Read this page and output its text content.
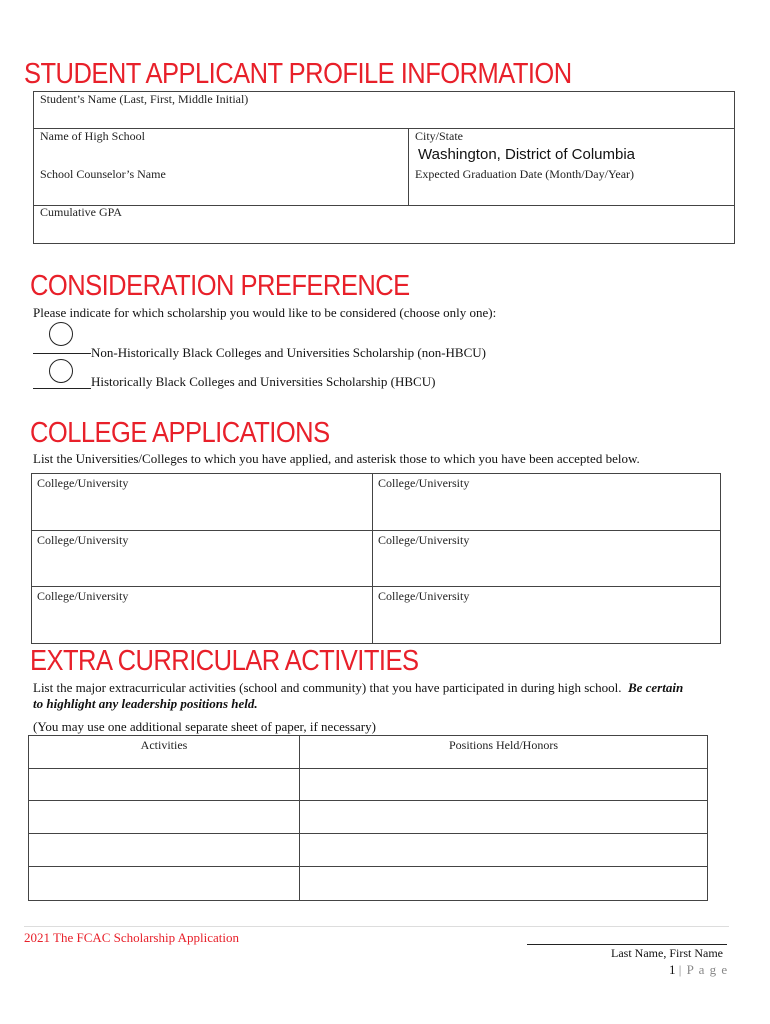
STUDENT APPLICANT PROFILE INFORMATION
Student’s Name (Last, First, Middle Initial)
Name of High School	City/State
Washington, District of Columbia
School Counselor’s Name	Expected Graduation Date (Month/Day/Year)
Cumulative GPA
CONSIDERATION PREFERENCE
Please indicate for which scholarship you would like to be considered (choose only one):
Non-Historically Black Colleges and Universities Scholarship (non-HBCU)
Historically Black Colleges and Universities Scholarship (HBCU)
COLLEGE APPLICATIONS
List the Universities/Colleges to which you have applied, and asterisk those to which you have been accepted below.
College/University	College/University
College/University	College/University
College/University	College/University
EXTRA CURRICULAR ACTIVITIES
List the major extracurricular activities (school and community) that you have participated in during high school. Be certain
to highlight any leadership positions held.
(You may use one additional separate sheet of paper, if necessary)
Activities	Positions Held/Honors

2021 The FCAC Scholarship Application
Last Name, First Name
1 | P a g e
